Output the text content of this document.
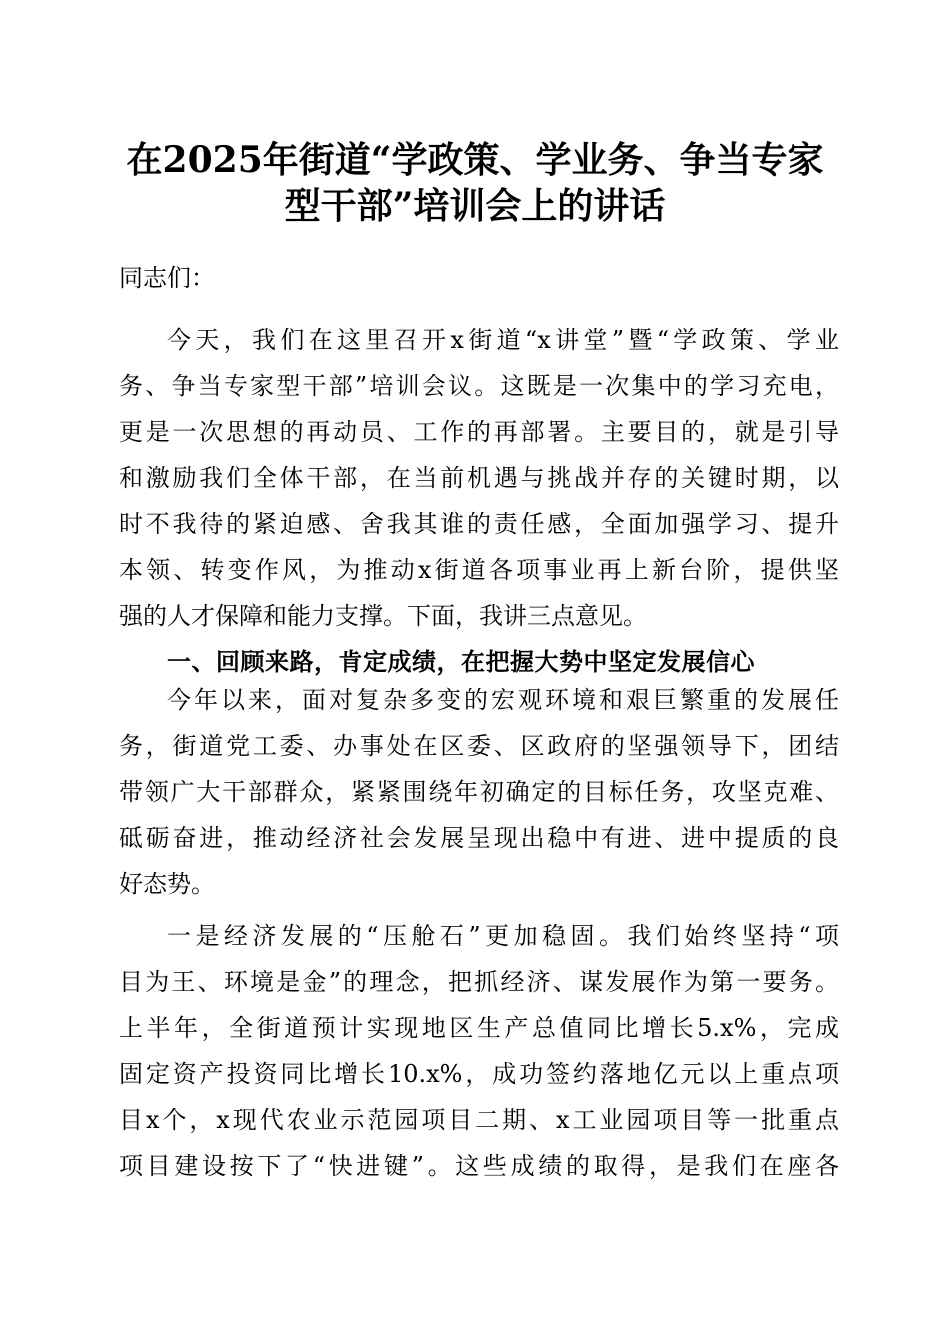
在2025年街道“学政策、学业务、争当专家
型干部”培训会上的讲话

同志们：

今天，我们在这里召开x街道“x讲堂”暨“学政策、学业

务、争当专家型干部”培训会议。这既是一次集中的学习充电，

更是一次思想的再动员、工作的再部署。主要目的，就是引导

和激励我们全体干部，在当前机遇与挑战并存的关键时期，以

时不我待的紧迫感、舍我其谁的责任感，全面加强学习、提升

本领、转变作风，为推动x街道各项事业再上新台阶，提供坚

强的人才保障和能力支撑。下面，我讲三点意见。

一、回顾来路，肯定成绩，在把握大势中坚定发展信心

今年以来，面对复杂多变的宏观环境和艰巨繁重的发展任

务，街道党工委、办事处在区委、区政府的坚强领导下，团结

带领广大干部群众，紧紧围绕年初确定的目标任务，攻坚克难、

砥砺奋进，推动经济社会发展呈现出稳中有进、进中提质的良

好态势。

一是经济发展的“压舱石”更加稳固。我们始终坚持“项

目为王、环境是金”的理念，把抓经济、谋发展作为第一要务。

上半年，全街道预计实现地区生产总值同比增长5.x%，完成

固定资产投资同比增长10.x%，成功签约落地亿元以上重点项

目x个，x现代农业示范园项目二期、x工业园项目等一批重点

项目建设按下了“快进键”。这些成绩的取得，是我们在座各
